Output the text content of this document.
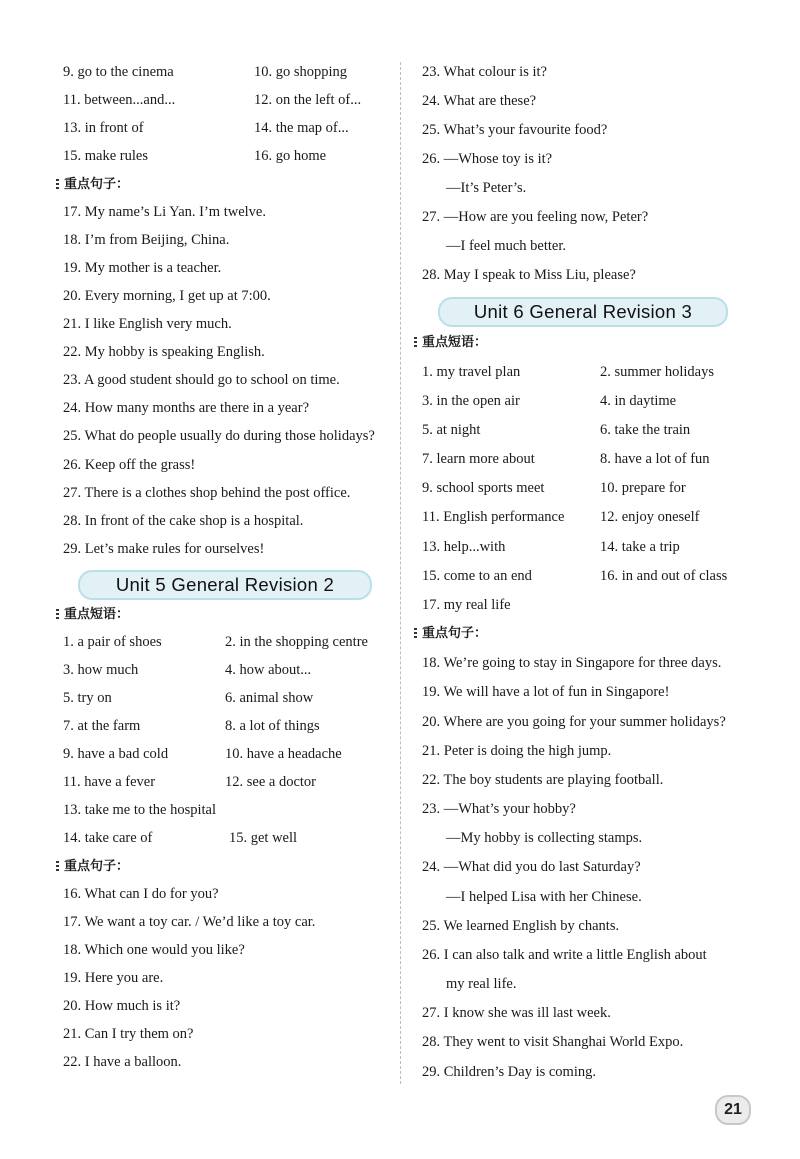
9. go to the cinema	10. go shopping
11. between...and...	12. on the left of...
13. in front of	14. the map of...
15. make rules	16. go home
重点句子：
17. My name’s Li Yan. I’m twelve.
18. I’m from Beijing, China.
19. My mother is a teacher.
20. Every morning, I get up at 7:00.
21. I like English very much.
22. My hobby is speaking English.
23. A good student should go to school on time.
24. How many months are there in a year?
25. What do people usually do during those holidays?
26. Keep off the grass!
27. There is a clothes shop behind the post office.
28. In front of the cake shop is a hospital.
29. Let’s make rules for ourselves!
Unit 5 General Revision 2
重点短语：
1. a pair of shoes	2. in the shopping centre
3. how much	4. how about...
5. try on	6. animal show
7. at the farm	8. a lot of things
9. have a bad cold	10. have a headache
11. have a fever	12. see a doctor
13. take me to the hospital
14. take care of	15. get well
重点句子：
16. What can I do for you?
17. We want a toy car. / We’d like a toy car.
18. Which one would you like?
19. Here you are.
20. How much is it?
21. Can I try them on?
22. I have a balloon.
23. What colour is it?
24. What are these?
25. What’s your favourite food?
26. —Whose toy is it?
—It’s Peter’s.
27. —How are you feeling now, Peter?
—I feel much better.
28. May I speak to Miss Liu, please?
Unit 6 General Revision 3
重点短语：
1. my travel plan	2. summer holidays
3. in the open air	4. in daytime
5. at night	6. take the train
7. learn more about	8. have a lot of fun
9. school sports meet	10. prepare for
11. English performance 12. enjoy oneself
13. help...with	14. take a trip
15. come to an end	16. in and out of class
17. my real life
重点句子：
18. We’re going to stay in Singapore for three days.
19. We will have a lot of fun in Singapore!
20. Where are you going for your summer holidays?
21. Peter is doing the high jump.
22. The boy students are playing football.
23. —What’s your hobby?
—My hobby is collecting stamps.
24. —What did you do last Saturday?
—I helped Lisa with her Chinese.
25. We learned English by chants.
26. I can also talk and write a little English about
my real life.
27. I know she was ill last week.
28. They went to visit Shanghai World Expo.
29. Children’s Day is coming.
21
